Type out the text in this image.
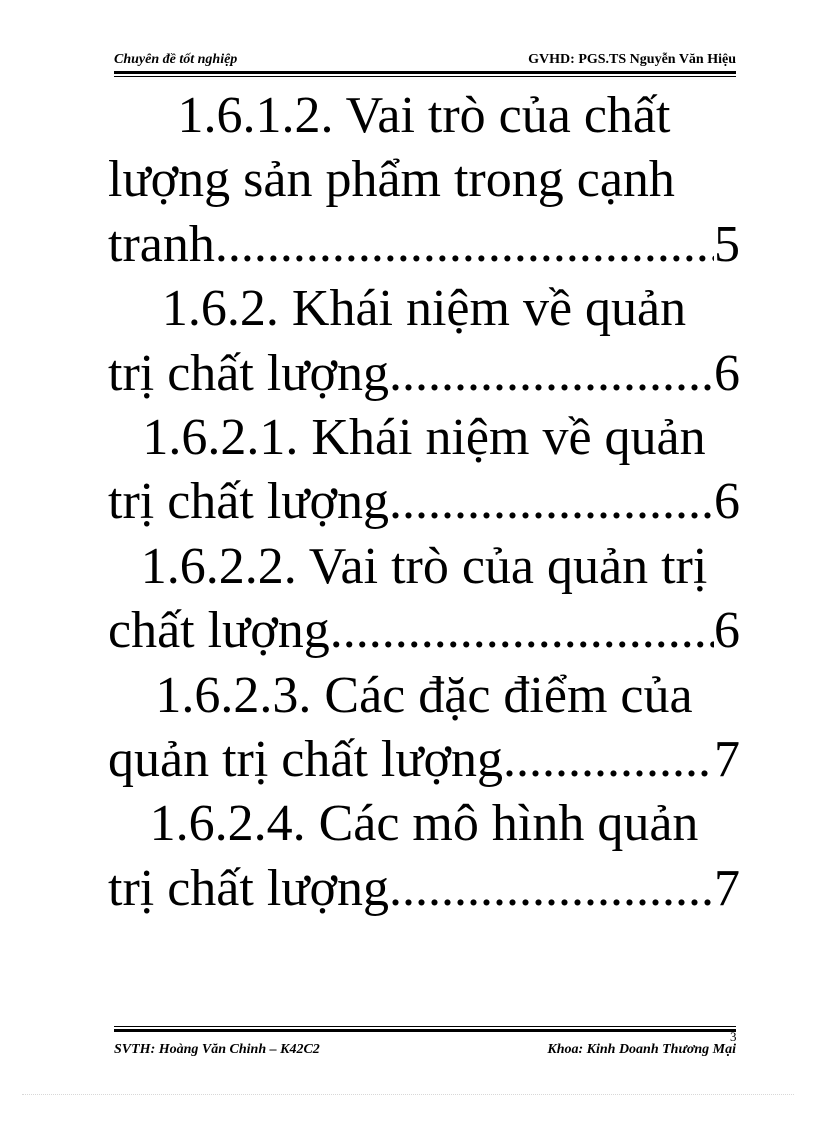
Chuyên đề tốt nghiệp	GVHD: PGS.TS Nguyễn Văn Hiệu
1.6.1.2. Vai trò của chất
lượng sản phẩm trong cạnh
tranh .....	5
1.6.2. Khái niệm về quản
trị chất lượng .....	6
1.6.2.1. Khái niệm về quản
trị chất lượng .....	6
1.6.2.2. Vai trò của quản trị
chất lượng .....	6
1.6.2.3. Các đặc điểm của
quản trị chất lượng .....	7
1.6.2.4. Các mô hình quản
trị chất lượng .....	7
SVTH: Hoàng Văn Chinh – K42C2	Khoa: Kinh Doanh Thương Mại
3
